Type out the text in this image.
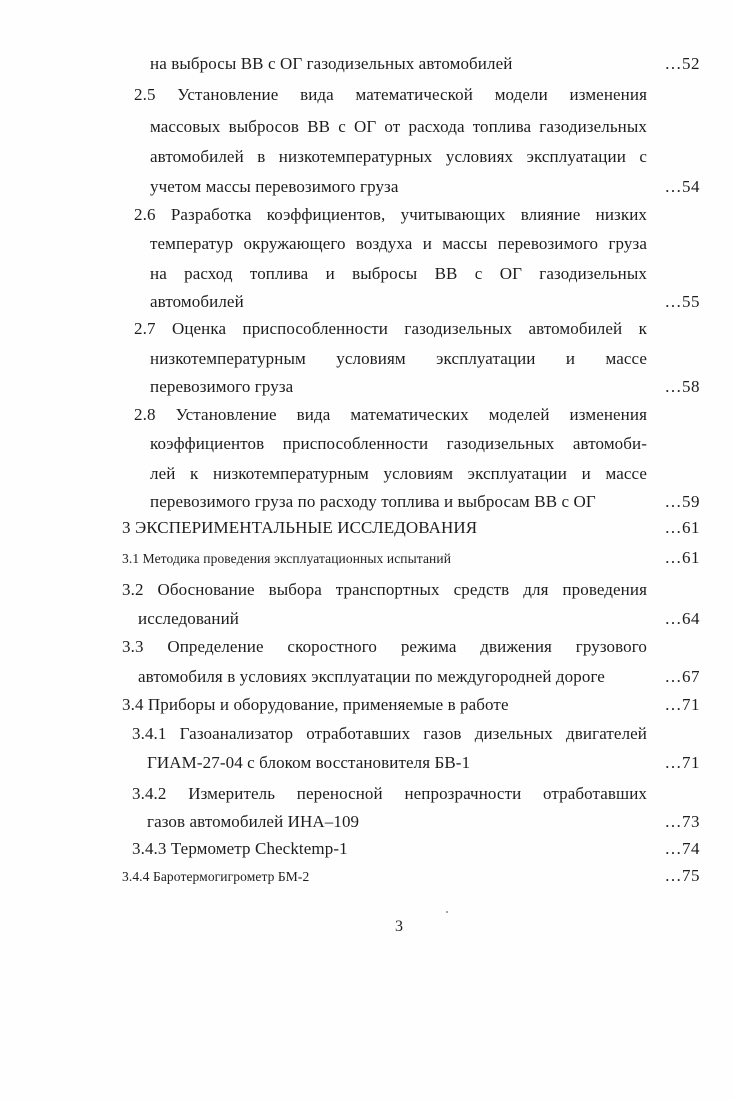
на выбросы ВВ с ОГ газодизельных автомобилей	…52
2.5 Установление вида математической модели изменения
массовых выбросов ВВ с ОГ от расхода топлива газодизельных
автомобилей в низкотемпературных условиях эксплуатации с
учетом массы перевозимого груза	…54
2.6 Разработка коэффициентов, учитывающих влияние низких
температур окружающего воздуха и массы перевозимого груза
на расход топлива и выбросы ВВ с ОГ газодизельных
автомобилей	…55
2.7 Оценка приспособленности газодизельных автомобилей к
низкотемпературным условиям эксплуатации и массе
перевозимого груза	…58
2.8 Установление вида математических моделей изменения
коэффициентов приспособленности газодизельных автомоби-
лей к низкотемпературным условиям эксплуатации и массе
перевозимого груза по расходу топлива и выбросам ВВ с ОГ	…59
3 ЭКСПЕРИМЕНТАЛЬНЫЕ ИССЛЕДОВАНИЯ	…61
3.1 Методика проведения эксплуатационных испытаний	…61
3.2 Обоснование выбора транспортных средств для проведения
исследований	…64
3.3 Определение скоростного режима движения грузового
автомобиля в условиях эксплуатации по междугородней дороге	…67
3.4 Приборы и оборудование, применяемые в работе	…71
3.4.1 Газоанализатор отработавших газов дизельных двигателей
ГИАМ-27-04 с блоком восстановителя БВ-1	…71
3.4.2 Измеритель переносной непрозрачности отработавших
газов автомобилей ИНА–109	…73
3.4.3 Термометр Checktemp-1	…74
3.4.4 Баротермогигрометр БМ-2	…75
3
